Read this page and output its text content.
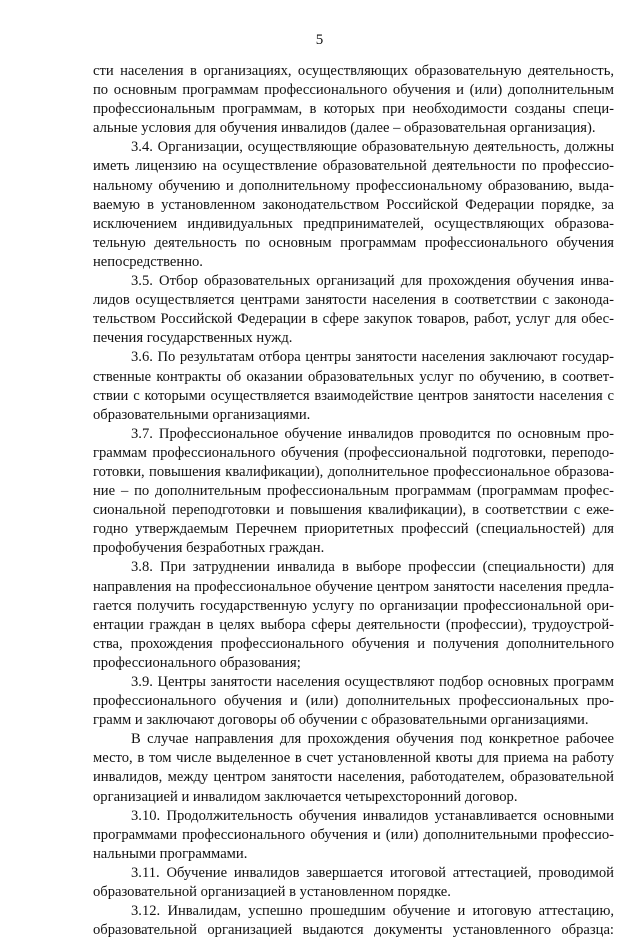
5
сти населения в организациях, осуществляющих образовательную деятельность,
по основным программам профессионального обучения и (или) дополнительным
профессиональным программам, в которых при необходимости созданы специ-
альные условия для обучения инвалидов (далее – образовательная организация).
3.4. Организации, осуществляющие образовательную деятельность, должны
иметь лицензию на осуществление образовательной деятельности по профессио-
нальному обучению и дополнительному профессиональному образованию, выда-
ваемую в установленном законодательством Российской Федерации порядке, за
исключением индивидуальных предпринимателей, осуществляющих образова-
тельную деятельность по основным программам профессионального обучения
непосредственно.
3.5. Отбор образовательных организаций для прохождения обучения инва-
лидов осуществляется центрами занятости населения в соответствии с законода-
тельством Российской Федерации в сфере закупок товаров, работ, услуг для обес-
печения государственных нужд.
3.6. По результатам отбора центры занятости населения заключают государ-
ственные контракты об оказании образовательных услуг по обучению, в соответ-
ствии с которыми осуществляется взаимодействие центров занятости населения с
образовательными организациями.
3.7. Профессиональное обучение инвалидов проводится по основным про-
граммам профессионального обучения (профессиональной подготовки, переподо-
готовки, повышения квалификации), дополнительное профессиональное образова-
ние – по дополнительным профессиональным программам (программам профес-
сиональной переподготовки и повышения квалификации), в соответствии с еже-
годно утверждаемым Перечнем приоритетных профессий (специальностей) для
профобучения безработных граждан.
3.8. При затруднении инвалида в выборе профессии (специальности) для
направления на профессиональное обучение центром занятости населения предла-
гается получить государственную услугу по организации профессиональной ори-
ентации граждан в целях выбора сферы деятельности (профессии), трудоустрой-
ства, прохождения профессионального обучения и получения дополнительного
профессионального образования;
3.9. Центры занятости населения осуществляют подбор основных программ
профессионального обучения и (или) дополнительных профессиональных про-
грамм и заключают договоры об обучении с образовательными организациями.
В случае направления для прохождения обучения под конкретное рабочее
место, в том числе выделенное в счет установленной квоты для приема на работу
инвалидов, между центром занятости населения, работодателем, образовательной
организацией и инвалидом заключается четырехсторонний договор.
3.10. Продолжительность обучения инвалидов устанавливается основными
программами профессионального обучения и (или) дополнительными профессио-
нальными программами.
3.11. Обучение инвалидов завершается итоговой аттестацией, проводимой
образовательной организацией в установленном порядке.
3.12. Инвалидам, успешно прошедшим обучение и итоговую аттестацию,
образовательной организацией выдаются документы установленного образца:
